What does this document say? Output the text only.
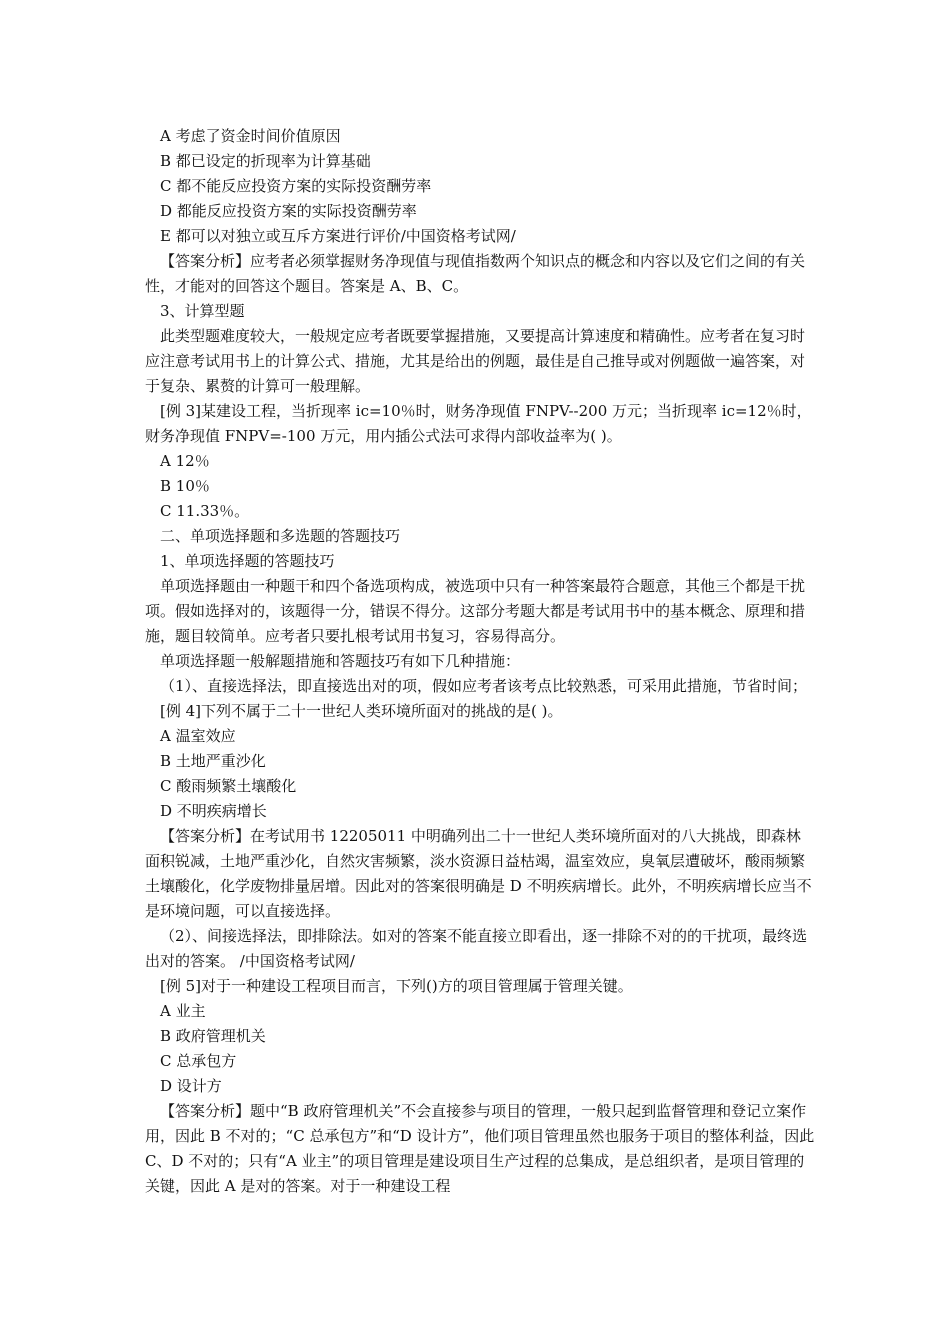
A 考虑了资金时间价值原因

B 都已设定的折现率为计算基础

C 都不能反应投资方案的实际投资酬劳率

D 都能反应投资方案的实际投资酬劳率

E 都可以对独立或互斥方案进行评价/中国资格考试网/

【答案分析】应考者必须掌握财务净现值与现值指数两个知识点的概念和内容以及它们之间的有关性，才能对的回答这个题目。答案是 A、B、C。

3、计算型题

此类型题难度较大，一般规定应考者既要掌握措施，又要提高计算速度和精确性。应考者在复习时应注意考试用书上的计算公式、措施，尤其是给出的例题，最佳是自己推导或对例题做一遍答案，对于复杂、累赘的计算可一般理解。

[例 3]某建设工程，当折现率 ic=10％时，财务净现值 FNPV--200 万元；当折现率 ic=12％时，财务净现值 FNPV=-100 万元，用内插公式法可求得内部收益率为( )。

A 12％

B 10％

C 11.33％。

二、单项选择题和多选题的答题技巧

1、单项选择题的答题技巧

单项选择题由一种题干和四个备选项构成，被选项中只有一种答案最符合题意，其他三个都是干扰项。假如选择对的，该题得一分，错误不得分。这部分考题大都是考试用书中的基本概念、原理和措施，题目较简单。应考者只要扎根考试用书复习，容易得高分。

单项选择题一般解题措施和答题技巧有如下几种措施：

（1）、直接选择法，即直接选出对的项，假如应考者该考点比较熟悉，可采用此措施，节省时间；

[例 4]下列不属于二十一世纪人类环境所面对的挑战的是( )。

A 温室效应

B 土地严重沙化

C 酸雨频繁土壤酸化

D 不明疾病增长

【答案分析】在考试用书 12205011 中明确列出二十一世纪人类环境所面对的八大挑战，即森林面积锐减，土地严重沙化，自然灾害频繁，淡水资源日益枯竭，温室效应，臭氧层遭破坏，酸雨频繁土壤酸化，化学废物排量居增。因此对的答案很明确是 D 不明疾病增长。此外，不明疾病增长应当不是环境问题，可以直接选择。

（2）、间接选择法，即排除法。如对的答案不能直接立即看出，逐一排除不对的的干扰项，最终选出对的答案。 /中国资格考试网/

[例 5]对于一种建设工程项目而言，下列()方的项目管理属于管理关键。

A 业主

B 政府管理机关

C 总承包方

D 设计方

【答案分析】题中“B 政府管理机关”不会直接参与项目的管理，一般只起到监督管理和登记立案作用，因此 B 不对的；“C 总承包方”和“D 设计方”，他们项目管理虽然也服务于项目的整体利益，因此 C、D 不对的；只有“A 业主”的项目管理是建设项目生产过程的总集成，是总组织者，是项目管理的关键，因此 A 是对的答案。对于一种建设工程
